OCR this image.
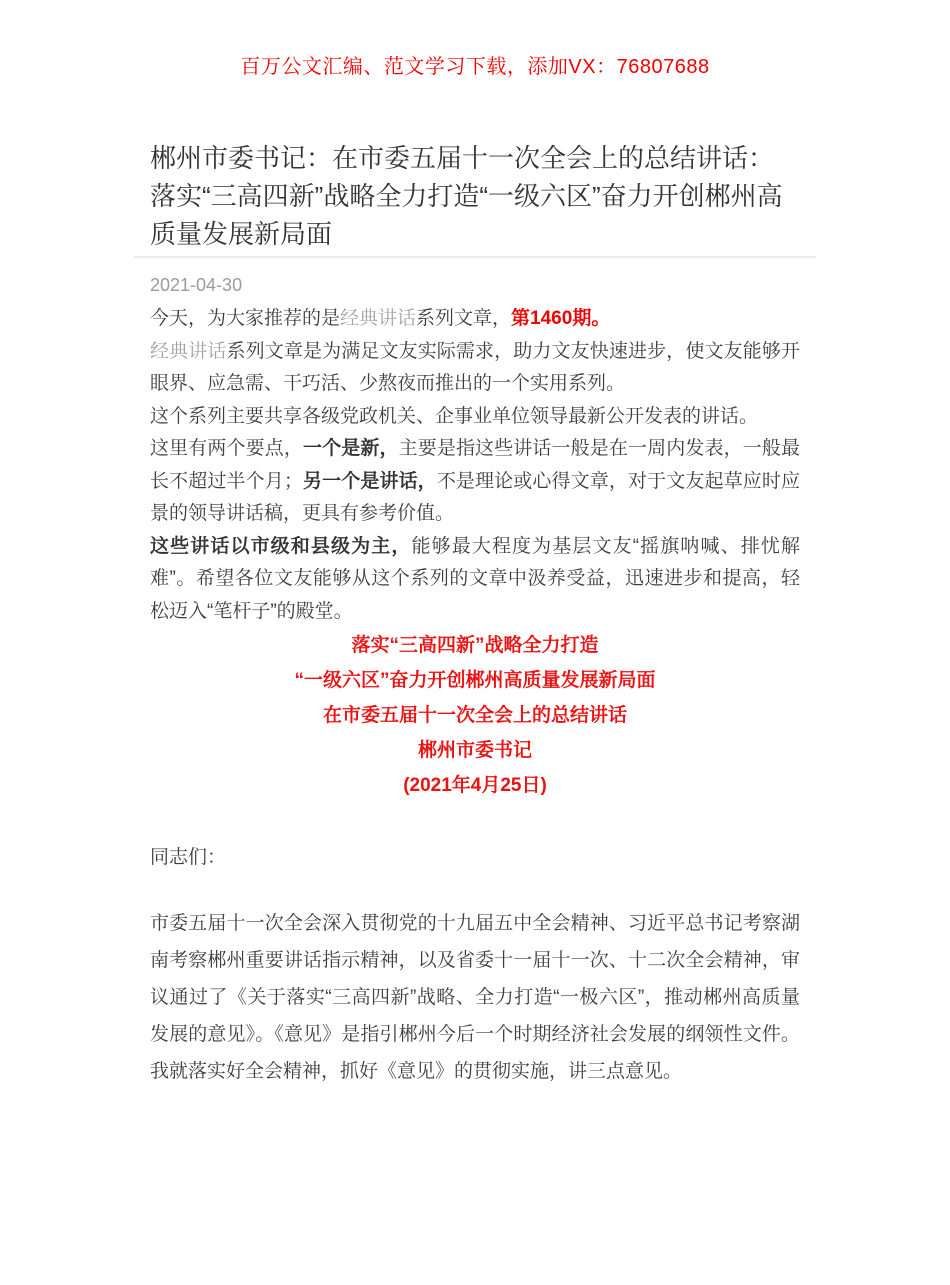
百万公文汇编、范文学习下载，添加VX：76807688
郴州市委书记：在市委五届十一次全会上的总结讲话：落实“三高四新”战略全力打造“一级六区”奋力开创郴州高质量发展新局面
2021-04-30

今天，为大家推荐的是经典讲话系列文章，第1460期。

经典讲话系列文章是为满足文友实际需求，助力文友快速进步，使文友能够开眼界、应急需、干巧活、少熬夜而推出的一个实用系列。

这个系列主要共享各级党政机关、企事业单位领导最新公开发表的讲话。

这里有两个要点，一个是新，主要是指这些讲话一般是在一周内发表，一般最长不超过半个月；另一个是讲话，不是理论或心得文章，对于文友起草应时应景的领导讲话稿，更具有参考价值。

这些讲话以市级和县级为主，能够最大程度为基层文友“摇旗呐喊、排忧解难”。希望各位文友能够从这个系列的文章中汲养受益，迅速进步和提高，轻松迈入“笔杆子”的殿堂。

落实“三高四新”战略全力打造

“一级六区”奋力开创郴州高质量发展新局面

在市委五届十一次全会上的总结讲话

郴州市委书记

(2021年4月25日)

同志们：

市委五届十一次全会深入贯彻党的十九届五中全会精神、习近平总书记考察湖南考察郴州重要讲话指示精神，以及省委十一届十一次、十二次全会精神，审议通过了《关于落实“三高四新”战略、全力打造“一极六区”，推动郴州高质量发展的意见》。《意见》是指引郴州今后一个时期经济社会发展的纲领性文件。我就落实好全会精神，抓好《意见》的贯彻实施，讲三点意见。
